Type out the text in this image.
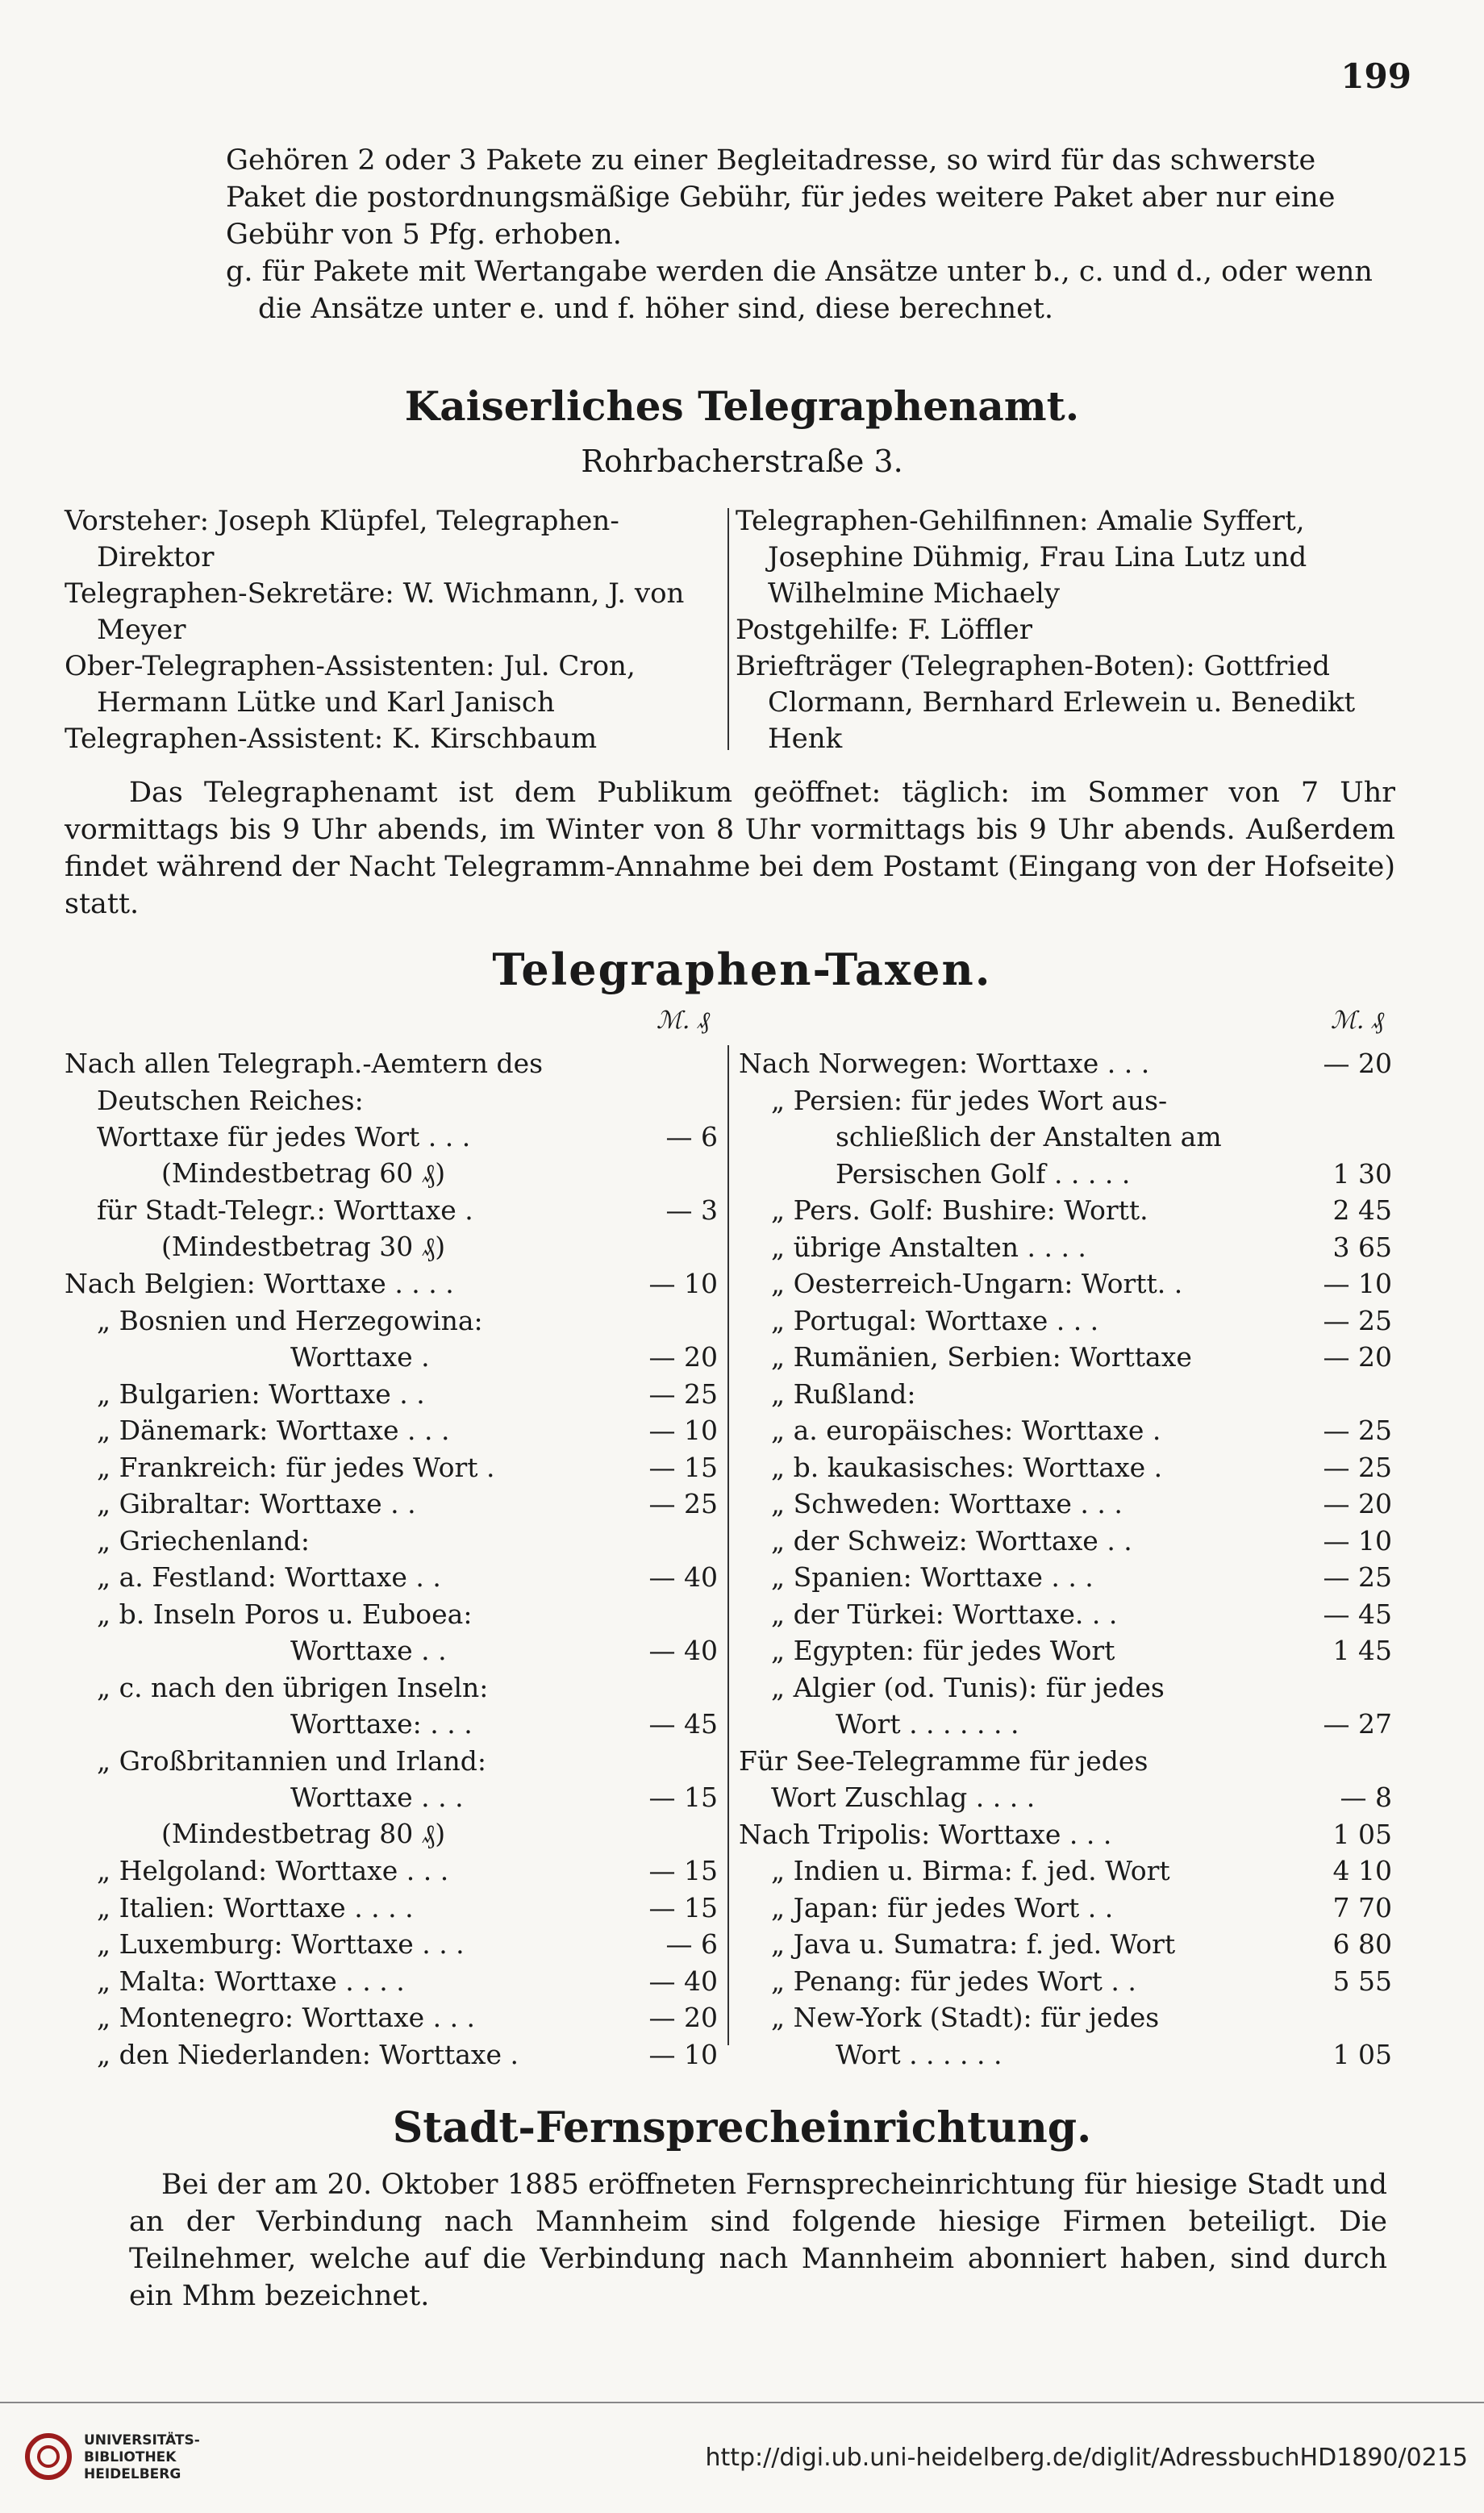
199

Gehören 2 oder 3 Pakete zu einer Begleitadresse, so wird für das schwerste Paket die postordnungsmäßige Gebühr, für jedes weitere Paket aber nur eine Gebühr von 5 Pfg. erhoben.

g. für Pakete mit Wertangabe werden die Ansätze unter b., c. und d., oder wenn die Ansätze unter e. und f. höher sind, diese berechnet.

Kaiserliches Telegraphenamt.
Rohrbacherstraße 3.
Vorsteher: Joseph Klüpfel, Telegraphen-Direktor
Telegraphen-Sekretäre: W. Wichmann, J. von Meyer
Ober-Telegraphen-Assistenten: Jul. Cron, Hermann Lütke und Karl Janisch
Telegraphen-Assistent: K. Kirschbaum
Telegraphen-Gehilfinnen: Amalie Syffert, Josephine Dühmig, Frau Lina Lutz und Wilhelmine Michaely
Postgehilfe: F. Löffler
Briefträger (Telegraphen-Boten): Gottfried Clormann, Bernhard Erlewein u. Benedikt Henk

Das Telegraphenamt ist dem Publikum geöffnet: täglich: im Sommer von 7 Uhr vormittags bis 9 Uhr abends, im Winter von 8 Uhr vormittags bis 9 Uhr abends. Außerdem findet während der Nacht Telegramm-Annahme bei dem Postamt (Eingang von der Hofseite) statt.

Telegraphen-Taxen.
ℳ. ₰
Nach allen Telegraph.-Aemtern des
Deutschen Reiches:
Worttaxe für jedes Wort . . .	— 6
(Mindestbetrag 60 ₰)
für Stadt-Telegr.: Worttaxe .	— 3
(Mindestbetrag 30 ₰)
Nach Belgien: Worttaxe . . . .	— 10
„ Bosnien und Herzegowina:
Worttaxe .	— 20
„ Bulgarien: Worttaxe . .	— 25
„ Dänemark: Worttaxe . . .	— 10
„ Frankreich: für jedes Wort .	— 15
„ Gibraltar: Worttaxe . .	— 25
„ Griechenland:
„ a. Festland: Worttaxe . .	— 40
„ b. Inseln Poros u. Euboea:
Worttaxe . .	— 40
„ c. nach den übrigen Inseln:
Worttaxe: . . .	— 45
„ Großbritannien und Irland:
Worttaxe . . .	— 15
(Mindestbetrag 80 ₰)
„ Helgoland: Worttaxe . . .	— 15
„ Italien: Worttaxe . . . .	— 15
„ Luxemburg: Worttaxe . . .	— 6
„ Malta: Worttaxe . . . .	— 40
„ Montenegro: Worttaxe . . .	— 20
„ den Niederlanden: Worttaxe .	— 10
ℳ. ₰
Nach Norwegen: Worttaxe . . .	— 20
„ Persien: für jedes Wort aus-
schließlich der Anstalten am
Persischen Golf . . . . .	1 30
„ Pers. Golf: Bushire: Wortt.	2 45
„ übrige Anstalten . . . .	3 65
„ Oesterreich-Ungarn: Wortt. .	— 10
„ Portugal: Worttaxe . . .	— 25
„ Rumänien, Serbien: Worttaxe	— 20
„ Rußland:
„ a. europäisches: Worttaxe .	— 25
„ b. kaukasisches: Worttaxe .	— 25
„ Schweden: Worttaxe . . .	— 20
„ der Schweiz: Worttaxe . .	— 10
„ Spanien: Worttaxe . . .	— 25
„ der Türkei: Worttaxe. . .	— 45
„ Egypten: für jedes Wort	1 45
„ Algier (od. Tunis): für jedes
Wort . . . . . . .	— 27
Für See-Telegramme für jedes
Wort Zuschlag . . . .	— 8
Nach Tripolis: Worttaxe . . .	1 05
„ Indien u. Birma: f. jed. Wort	4 10
„ Japan: für jedes Wort . .	7 70
„ Java u. Sumatra: f. jed. Wort	6 80
„ Penang: für jedes Wort . .	5 55
„ New-York (Stadt): für jedes
Wort . . . . . .	1 05
Stadt-Fernsprecheinrichtung.

Bei der am 20. Oktober 1885 eröffneten Fernsprecheinrichtung für hiesige Stadt und an der Verbindung nach Mannheim sind folgende hiesige Firmen beteiligt. Die Teilnehmer, welche auf die Verbindung nach Mannheim abonniert haben, sind durch ein Mhm bezeichnet.

UNIVERSITÄTS-
BIBLIOTHEK
HEIDELBERG
http://digi.ub.uni-heidelberg.de/diglit/AdressbuchHD1890/0215
